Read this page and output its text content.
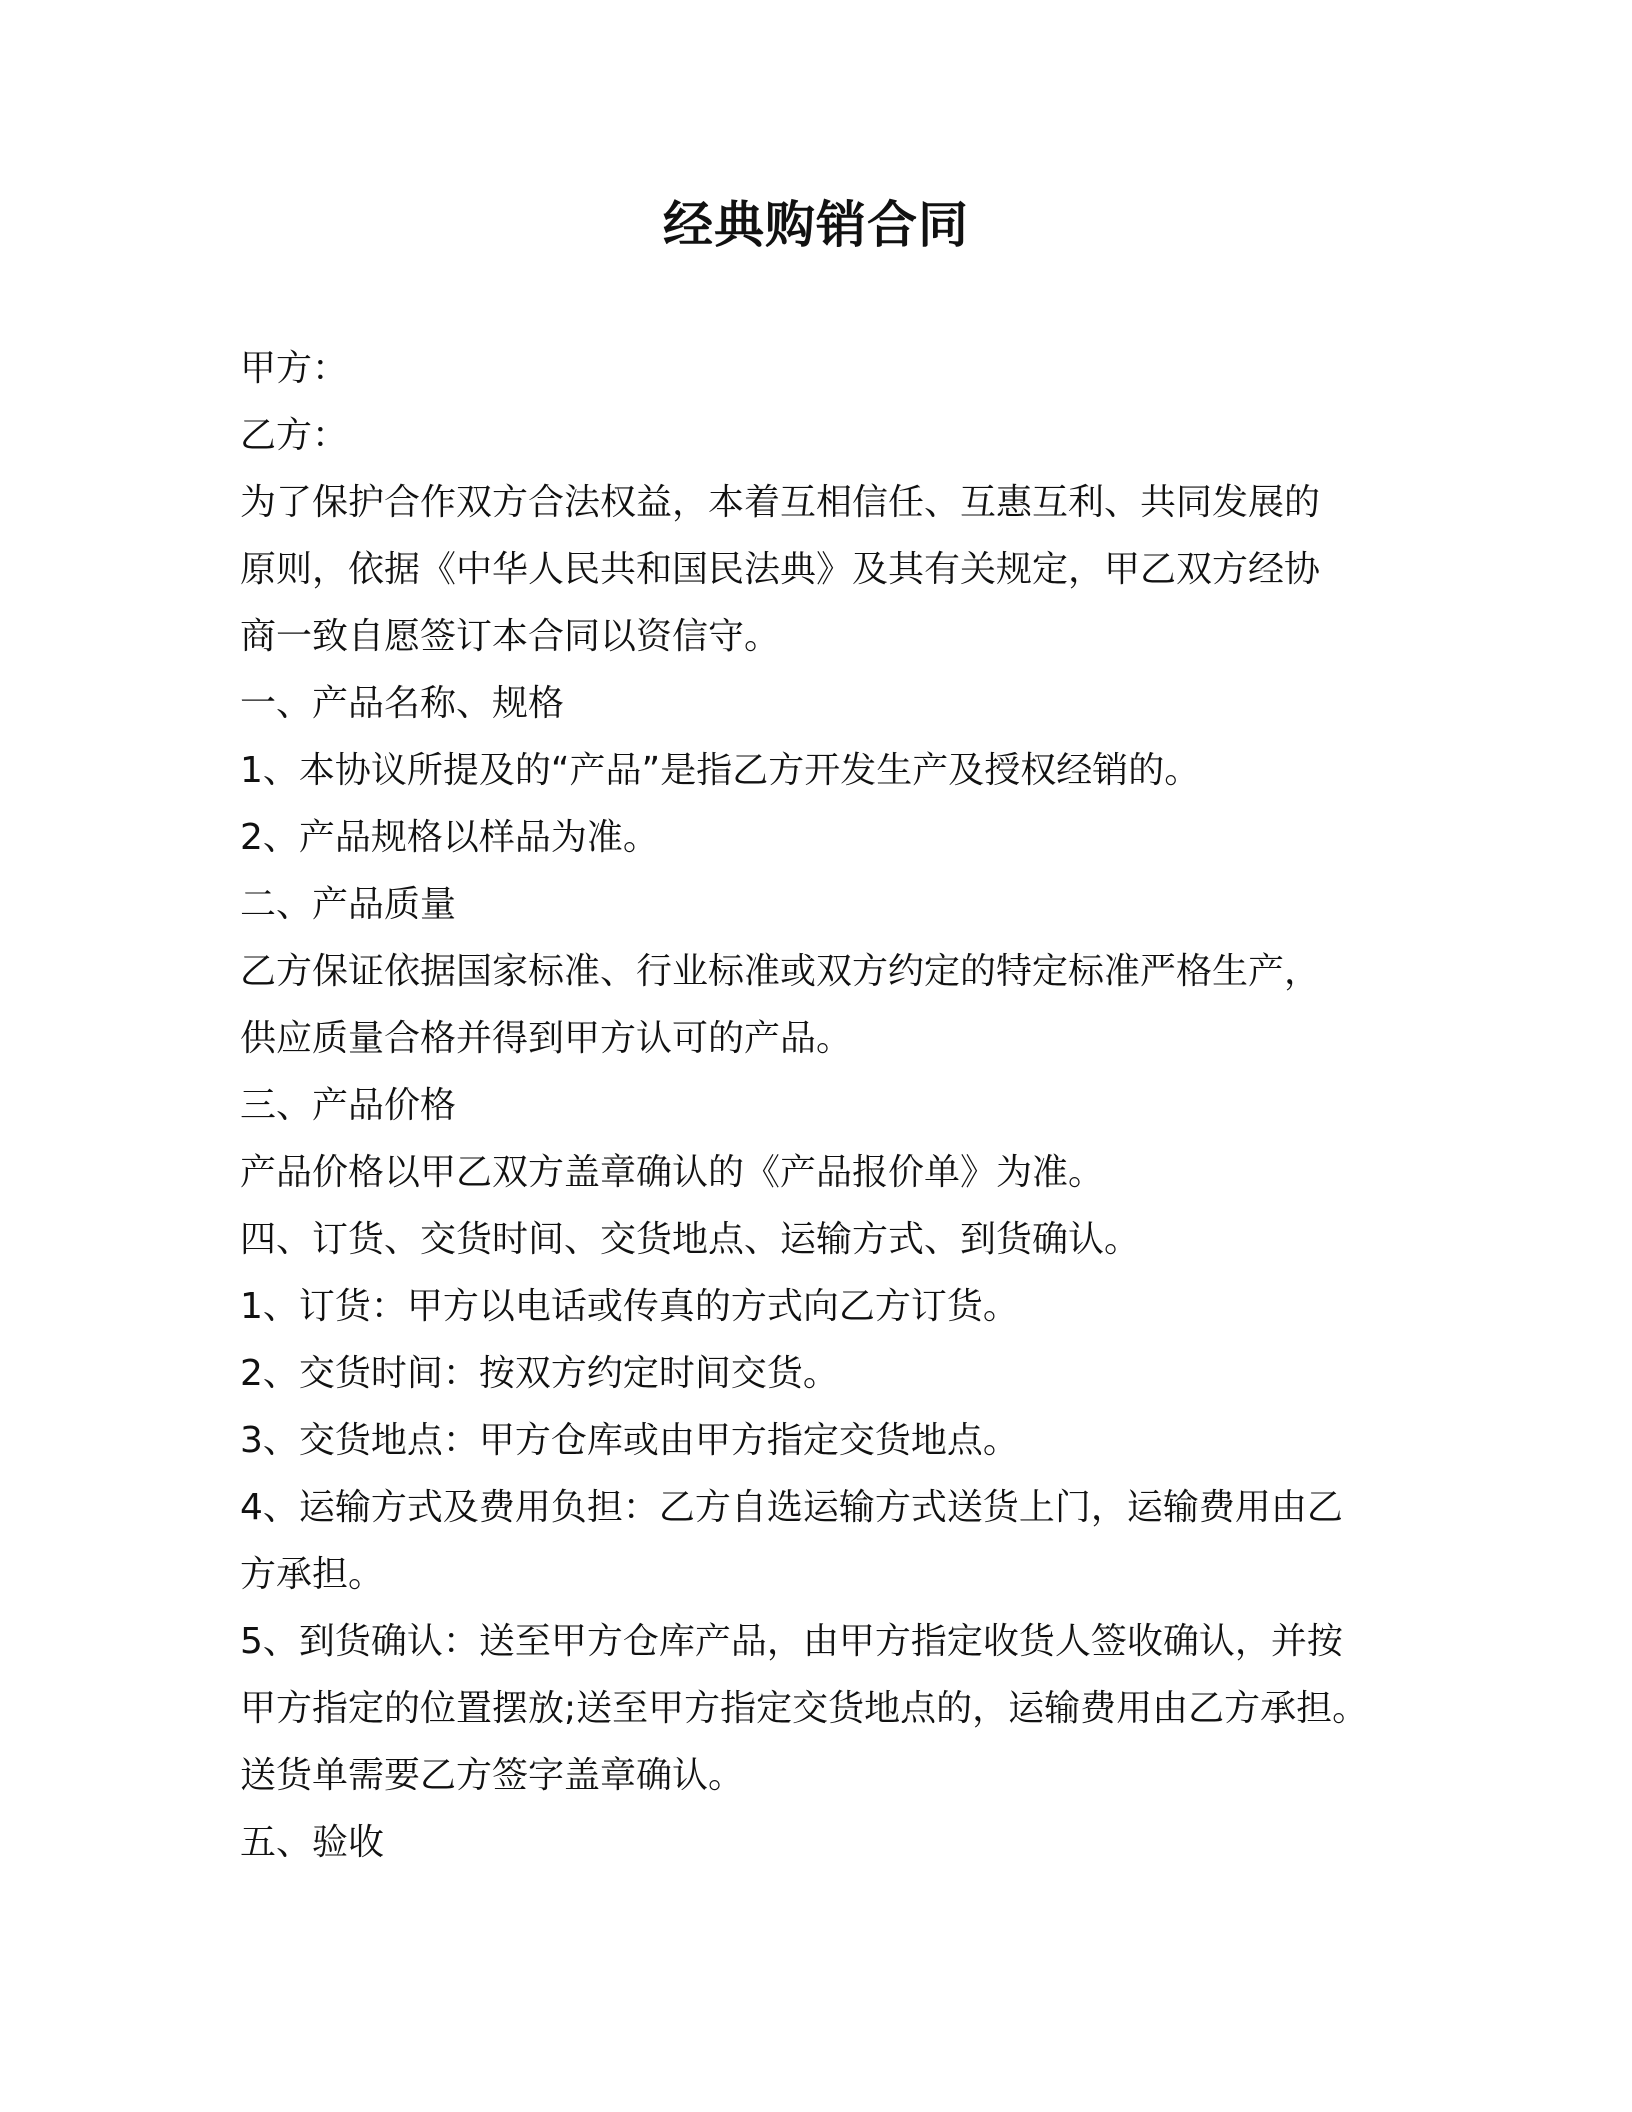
经典购销合同

甲方：

乙方：

为了保护合作双方合法权益，本着互相信任、互惠互利、共同发展的

原则，依据《中华人民共和国民法典》及其有关规定，甲乙双方经协

商一致自愿签订本合同以资信守。

一、产品名称、规格

1、本协议所提及的“产品”是指乙方开发生产及授权经销的。

2、产品规格以样品为准。

二、产品质量

乙方保证依据国家标准、行业标准或双方约定的特定标准严格生产，

供应质量合格并得到甲方认可的产品。

三、产品价格

产品价格以甲乙双方盖章确认的《产品报价单》为准。

四、订货、交货时间、交货地点、运输方式、到货确认。

1、订货：甲方以电话或传真的方式向乙方订货。

2、交货时间：按双方约定时间交货。

3、交货地点：甲方仓库或由甲方指定交货地点。

4、运输方式及费用负担：乙方自选运输方式送货上门，运输费用由乙

方承担。

5、到货确认：送至甲方仓库产品，由甲方指定收货人签收确认，并按

甲方指定的位置摆放;送至甲方指定交货地点的，运输费用由乙方承担。

送货单需要乙方签字盖章确认。

五、验收
